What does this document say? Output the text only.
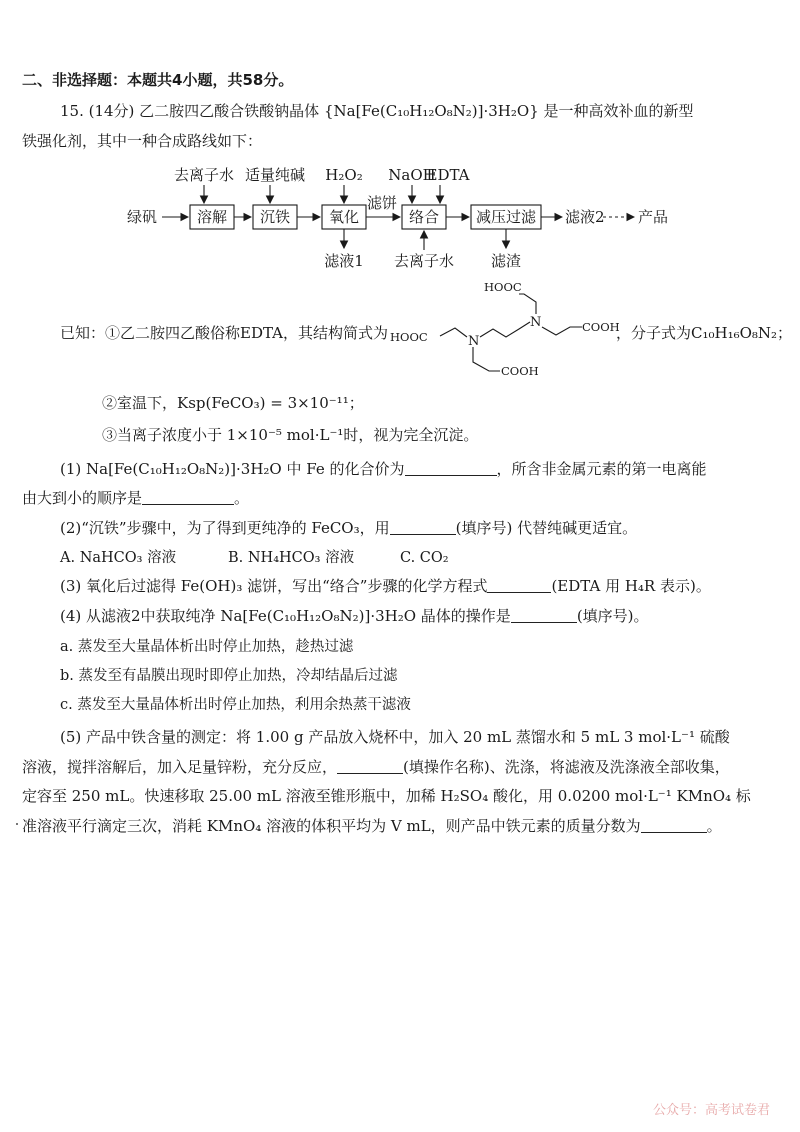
二、非选择题：本题共4小题，共58分。
15. (14分) 乙二胺四乙酸合铁酸钠晶体 {Na[Fe(C₁₀H₁₂O₈N₂)]·3H₂O} 是一种高效补血的新型
铁强化剂，其中一种合成路线如下：
绿矾	溶解 沉铁	氧化	络合 减压过滤
去离子水 适量纯碱 H₂O₂ NaOH
EDTA
滤饼
滤液1 去离子水 滤渣
滤液2 产品
已知：①乙二胺四乙酸俗称EDTA，其结构简式为 HOOC	N
N
HOOC
COOH
COOH
，分子式为C₁₀H₁₆O₈N₂；
②室温下，Ksp(FeCO₃) = 3×10⁻¹¹；
③当离子浓度小于 1×10⁻⁵ mol·L⁻¹时，视为完全沉淀。
(1) Na[Fe(C₁₀H₁₂O₈N₂)]·3H₂O 中 Fe 的化合价为	，所含非金属元素的第一电离能
由大到小的顺序是	。
(2)“沉铁”步骤中，为了得到更纯净的 FeCO₃，用	(填序号) 代替纯碱更适宜。
A. NaHCO₃ 溶液	B. NH₄HCO₃ 溶液	C. CO₂
(3) 氧化后过滤得 Fe(OH)₃ 滤饼，写出“络合”步骤的化学方程式	(EDTA 用 H₄R 表示)。
(4) 从滤液2中获取纯净 Na[Fe(C₁₀H₁₂O₈N₂)]·3H₂O 晶体的操作是	(填序号)。
a. 蒸发至大量晶体析出时停止加热，趁热过滤
b. 蒸发至有晶膜出现时即停止加热，冷却结晶后过滤
c. 蒸发至大量晶体析出时停止加热，利用余热蒸干滤液
(5) 产品中铁含量的测定：将 1.00 g 产品放入烧杯中，加入 20 mL 蒸馏水和 5 mL 3 mol·L⁻¹ 硫酸
溶液，搅拌溶解后，加入足量锌粉，充分反应，	(填操作名称)、洗涤，将滤液及洗涤液全部收集，
定容至 250 mL。快速移取 25.00 mL 溶液至锥形瓶中，加稀 H₂SO₄ 酸化，用 0.0200 mol·L⁻¹ KMnO₄ 标
准溶液平行滴定三次，消耗 KMnO₄ 溶液的体积平均为 V mL，则产品中铁元素的质量分数为	。
公众号：高考试卷君
